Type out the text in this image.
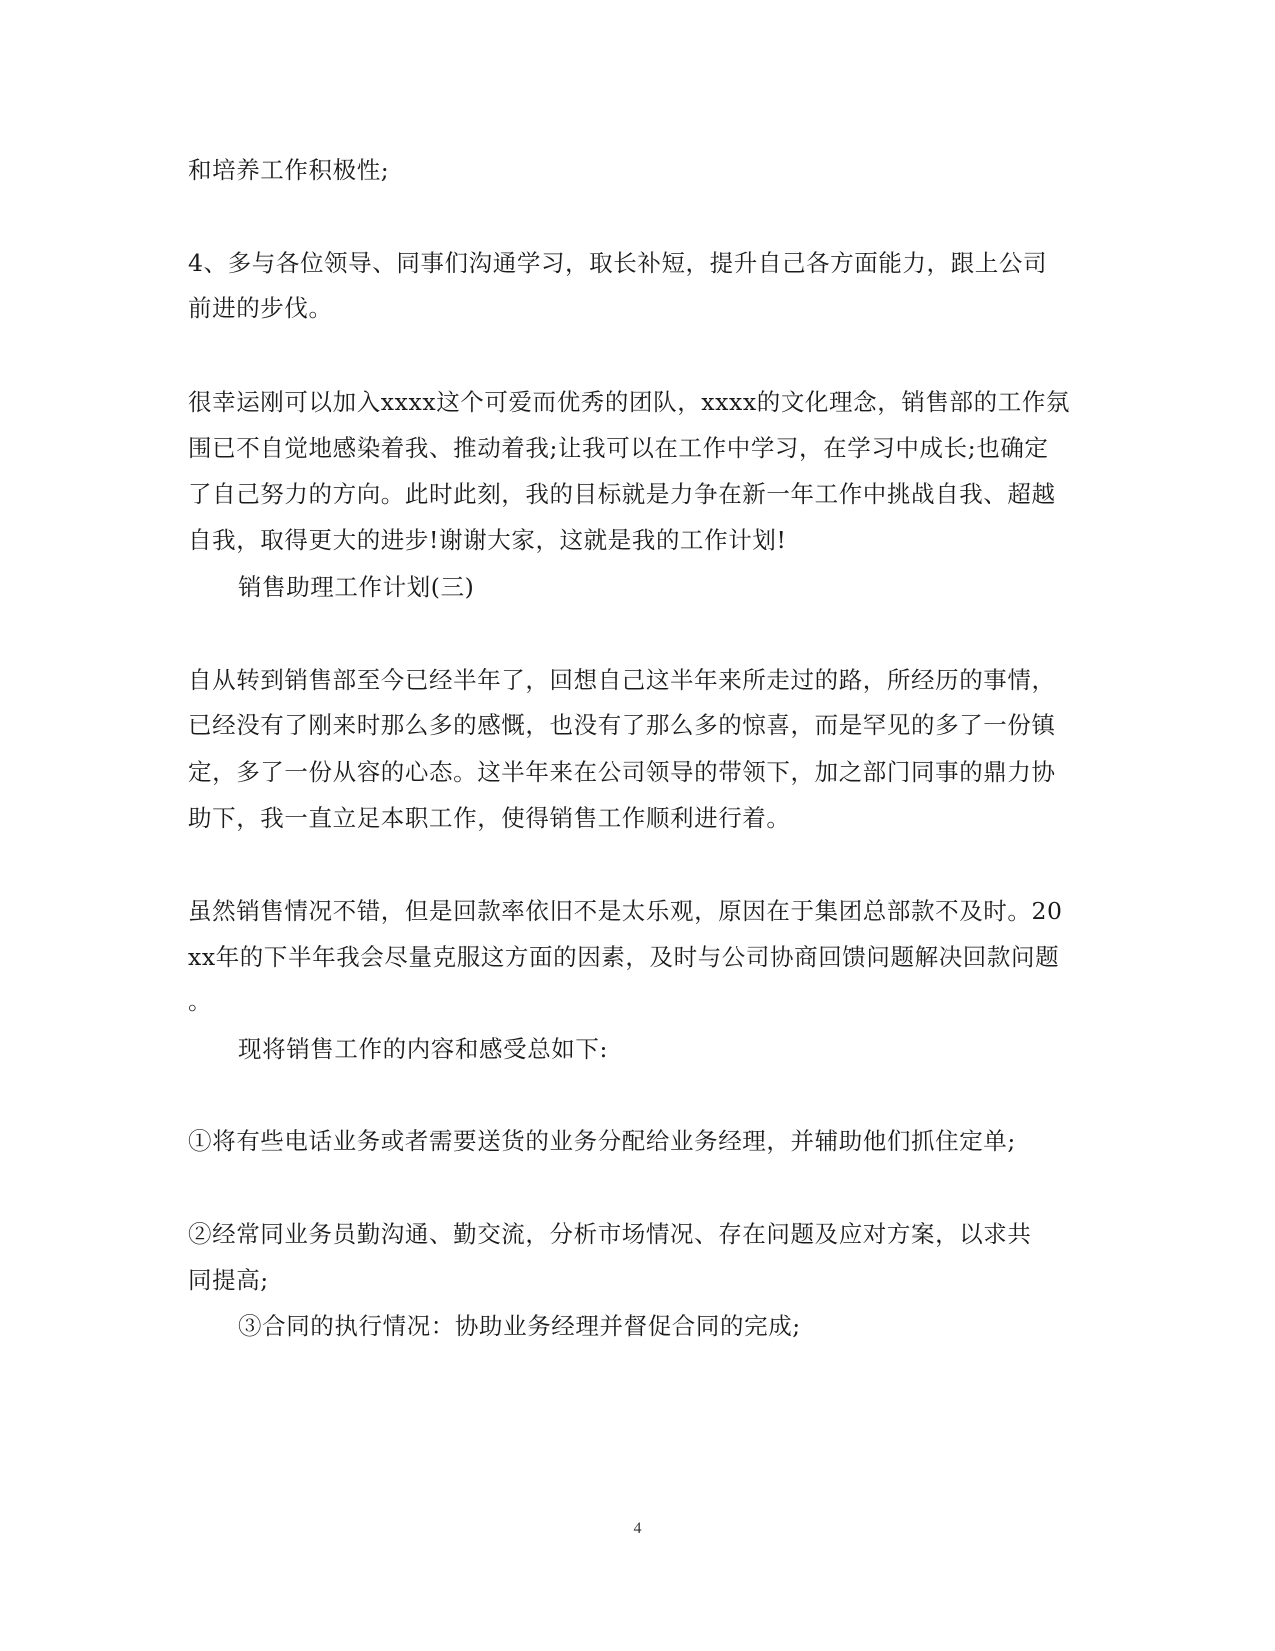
和培养工作积极性;
4、多与各位领导、同事们沟通学习，取长补短，提升自己各方面能力，跟上公司
前进的步伐。
很幸运刚可以加入xxxx这个可爱而优秀的团队，xxxx的文化理念，销售部的工作氛
围已不自觉地感染着我、推动着我;让我可以在工作中学习，在学习中成长;也确定
了自己努力的方向。此时此刻，我的目标就是力争在新一年工作中挑战自我、超越
自我，取得更大的进步!谢谢大家，这就是我的工作计划!
销售助理工作计划(三)
自从转到销售部至今已经半年了，回想自己这半年来所走过的路，所经历的事情，
已经没有了刚来时那么多的感慨，也没有了那么多的惊喜，而是罕见的多了一份镇
定，多了一份从容的心态。这半年来在公司领导的带领下，加之部门同事的鼎力协
助下，我一直立足本职工作，使得销售工作顺利进行着。
虽然销售情况不错，但是回款率依旧不是太乐观，原因在于集团总部款不及时。20
xx年的下半年我会尽量克服这方面的因素，及时与公司协商回馈问题解决回款问题
。
现将销售工作的内容和感受总如下:
①将有些电话业务或者需要送货的业务分配给业务经理，并辅助他们抓住定单;
②经常同业务员勤沟通、勤交流，分析市场情况、存在问题及应对方案，以求共
同提高;
③合同的执行情况：协助业务经理并督促合同的完成;
4
